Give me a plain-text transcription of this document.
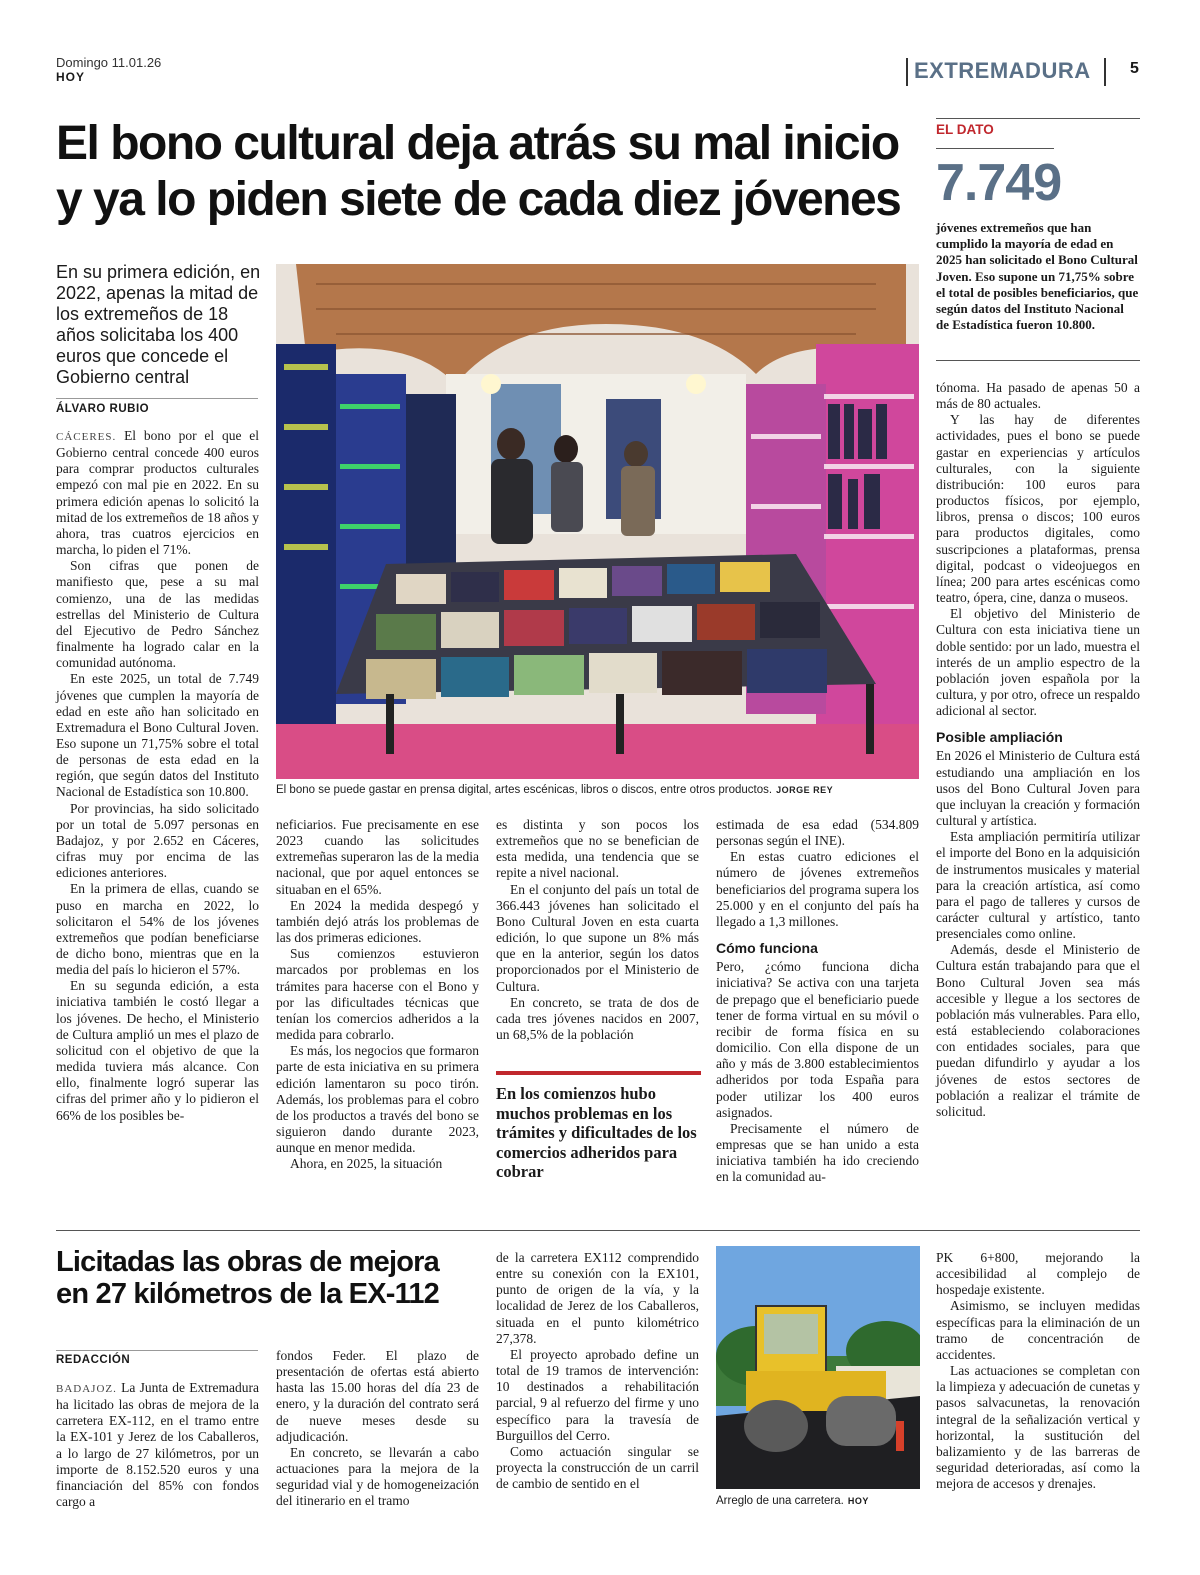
Domingo 11.01.26
HOY	EXTREMADURA 5
El bono cultural deja atrás su mal inicio
y ya lo piden siete de cada diez jóvenes
En su primera edición, en 2022, apenas la mitad de los extremeños de 18 años solicitaba los 400 euros que concede el Gobierno central
ÁLVARO RUBIO
El bono se puede gastar en prensa digital, artes escénicas, libros o discos, entre otros productos. JORGE REY

CÁCERES. El bono por el que el Gobierno central concede 400 euros para comprar productos culturales empezó con mal pie en 2022. En su primera edición apenas lo solicitó la mitad de los extremeños de 18 años y ahora, tras cuatros ejercicios en marcha, lo piden el 71%.

Son cifras que ponen de manifiesto que, pese a su mal comienzo, una de las medidas estrellas del Ministerio de Cultura del Ejecutivo de Pedro Sánchez finalmente ha logrado calar en la comunidad autónoma.

En este 2025, un total de 7.749 jóvenes que cumplen la mayoría de edad en este año han solicitado en Extremadura el Bono Cultural Joven. Eso supone un 71,75% sobre el total de personas de esta edad en la región, que según datos del Instituto Nacional de Estadística son 10.800.

Por provincias, ha sido solicitado por un total de 5.097 personas en Badajoz, y por 2.652 en Cáceres, cifras muy por encima de las ediciones anteriores.

En la primera de ellas, cuando se puso en marcha en 2022, lo solicitaron el 54% de los jóvenes extremeños que podían beneficiarse de dicho bono, mientras que en la media del país lo hicieron el 57%.

En su segunda edición, a esta iniciativa también le costó llegar a los jóvenes. De hecho, el Ministerio de Cultura amplió un mes el plazo de solicitud con el objetivo de que la medida tuviera más alcance. Con ello, finalmente logró superar las cifras del primer año y lo pidieron el 66% de los posibles be-

neficiarios. Fue precisamente en ese 2023 cuando las solicitudes extremeñas superaron las de la media nacional, que por aquel entonces se situaban en el 65%.

En 2024 la medida despegó y también dejó atrás los problemas de las dos primeras ediciones.

Sus comienzos estuvieron marcados por problemas en los trámites para hacerse con el Bono y por las dificultades técnicas que tenían los comercios adheridos a la medida para cobrarlo.

Es más, los negocios que formaron parte de esta iniciativa en su primera edición lamentaron su poco tirón. Además, los problemas para el cobro de los productos a través del bono se siguieron dando durante 2023, aunque en menor medida.

Ahora, en 2025, la situación

es distinta y son pocos los extremeños que no se benefician de esta medida, una tendencia que se repite a nivel nacional.

En el conjunto del país un total de 366.443 jóvenes han solicitado el Bono Cultural Joven en esta cuarta edición, lo que supone un 8% más que en la anterior, según los datos proporcionados por el Ministerio de Cultura.

En concreto, se trata de dos de cada tres jóvenes nacidos en 2007, un 68,5% de la población

En los comienzos hubo muchos problemas en los trámites y dificultades de los comercios adheridos para cobrar

estimada de esa edad (534.809 personas según el INE).

En estas cuatro ediciones el número de jóvenes extremeños beneficiarios del programa supera los 25.000 y en el conjunto del país ha llegado a 1,3 millones.

Cómo funciona

Pero, ¿cómo funciona dicha iniciativa? Se activa con una tarjeta de prepago que el beneficiario puede tener de forma virtual en su móvil o recibir de forma física en su domicilio. Con ella dispone de un año y más de 3.800 establecimientos adheridos por toda España para poder utilizar los 400 euros asignados.

Precisamente el número de empresas que se han unido a esta iniciativa también ha ido creciendo en la comunidad au-

EL DATO
7.749
jóvenes extremeños que han cumplido la mayoría de edad en 2025 han solicitado el Bono Cultural Joven. Eso supone un 71,75% sobre el total de posibles beneficiarios, que según datos del Instituto Nacional de Estadística fueron 10.800.

tónoma. Ha pasado de apenas 50 a más de 80 actuales.

Y las hay de diferentes actividades, pues el bono se puede gastar en experiencias y artículos culturales, con la siguiente distribución: 100 euros para productos físicos, por ejemplo, libros, prensa o discos; 100 euros para productos digitales, como suscripciones a plataformas, prensa digital, podcast o videojuegos en línea; 200 para artes escénicas como teatro, ópera, cine, danza o museos.

El objetivo del Ministerio de Cultura con esta iniciativa tiene un doble sentido: por un lado, muestra el interés de un amplio espectro de la población joven española por la cultura, y por otro, ofrece un respaldo adicional al sector.

Posible ampliación

En 2026 el Ministerio de Cultura está estudiando una ampliación en los usos del Bono Cultural Joven para que incluyan la creación y formación cultural y artística.

Esta ampliación permitiría utilizar el importe del Bono en la adquisición de instrumentos musicales y material para la creación artística, así como para el pago de talleres y cursos de carácter cultural y artístico, tanto presenciales como online.

Además, desde el Ministerio de Cultura están trabajando para que el Bono Cultural Joven sea más accesible y llegue a los sectores de población más vulnerables. Para ello, está estableciendo colaboraciones con entidades sociales, para que puedan difundirlo y ayudar a los jóvenes de estos sectores de población a realizar el trámite de solicitud.

Licitadas las obras de mejora en 27 kilómetros de la EX-112
REDACCIÓN

BADAJOZ. La Junta de Extremadura ha licitado las obras de mejora de la carretera EX-112, en el tramo entre la EX-101 y Jerez de los Caballeros, a lo largo de 27 kilómetros, por un importe de 8.152.520 euros y una financiación del 85% con fondos cargo a

fondos Feder. El plazo de presentación de ofertas está abierto hasta las 15.00 horas del día 23 de enero, y la duración del contrato será de nueve meses desde su adjudicación.

En concreto, se llevarán a cabo actuaciones para la mejora de la seguridad vial y de homogeneización del itinerario en el tramo

de la carretera EX112 comprendido entre su conexión con la EX101, punto de origen de la vía, y la localidad de Jerez de los Caballeros, situada en el punto kilométrico 27,378.

El proyecto aprobado define un total de 19 tramos de intervención: 10 destinados a rehabilitación parcial, 9 al refuerzo del firme y uno específico para la travesía de Burguillos del Cerro.

Como actuación singular se proyecta la construcción de un carril de cambio de sentido en el

Arreglo de una carretera. HOY

PK 6+800, mejorando la accesibilidad al complejo de hospedaje existente.

Asimismo, se incluyen medidas específicas para la eliminación de un tramo de concentración de accidentes.

Las actuaciones se completan con la limpieza y adecuación de cunetas y pasos salvacunetas, la renovación integral de la señalización vertical y horizontal, la sustitución del balizamiento y de las barreras de seguridad deterioradas, así como la mejora de accesos y drenajes.
